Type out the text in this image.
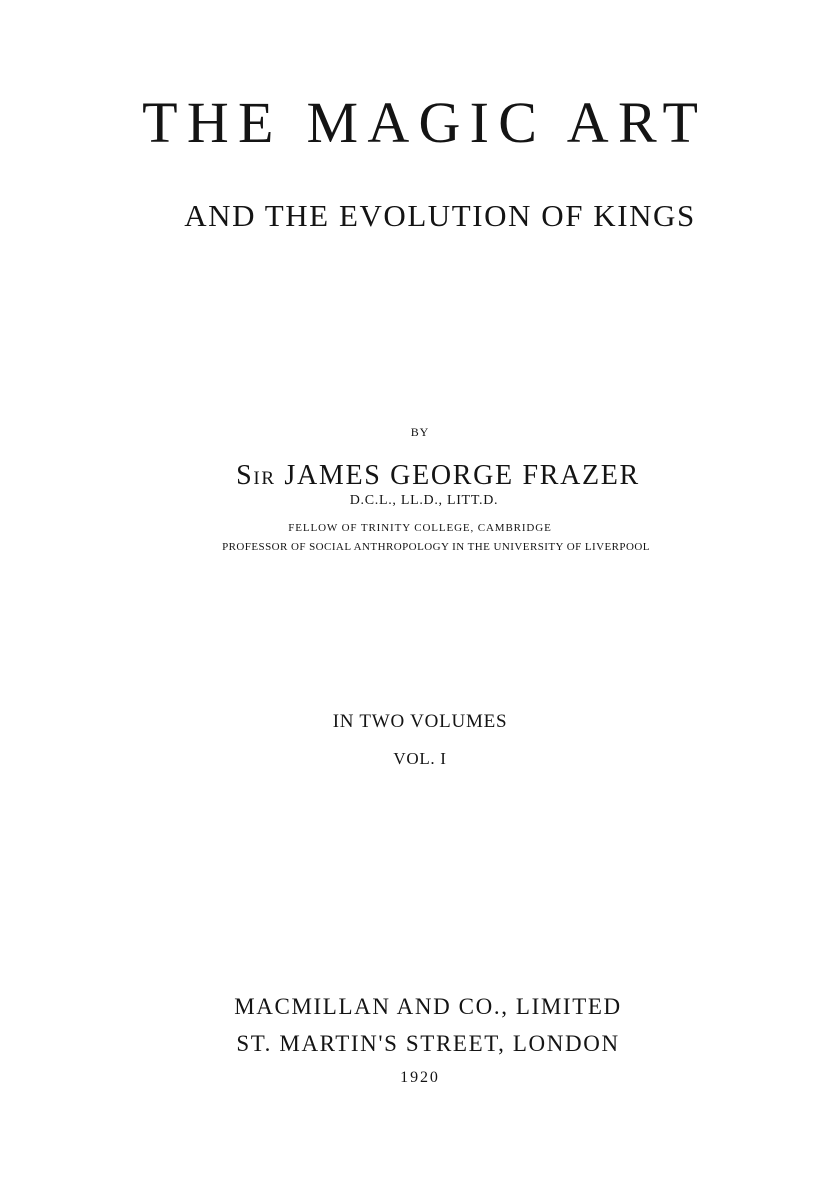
THE MAGIC ART
AND THE EVOLUTION OF KINGS
BY
SIR JAMES GEORGE FRAZER
D.C.L., LL.D., LITT.D.
FELLOW OF TRINITY COLLEGE, CAMBRIDGE
PROFESSOR OF SOCIAL ANTHROPOLOGY IN THE UNIVERSITY OF LIVERPOOL
IN TWO VOLUMES
VOL. I
MACMILLAN AND CO., LIMITED
ST. MARTIN'S STREET, LONDON
1920
